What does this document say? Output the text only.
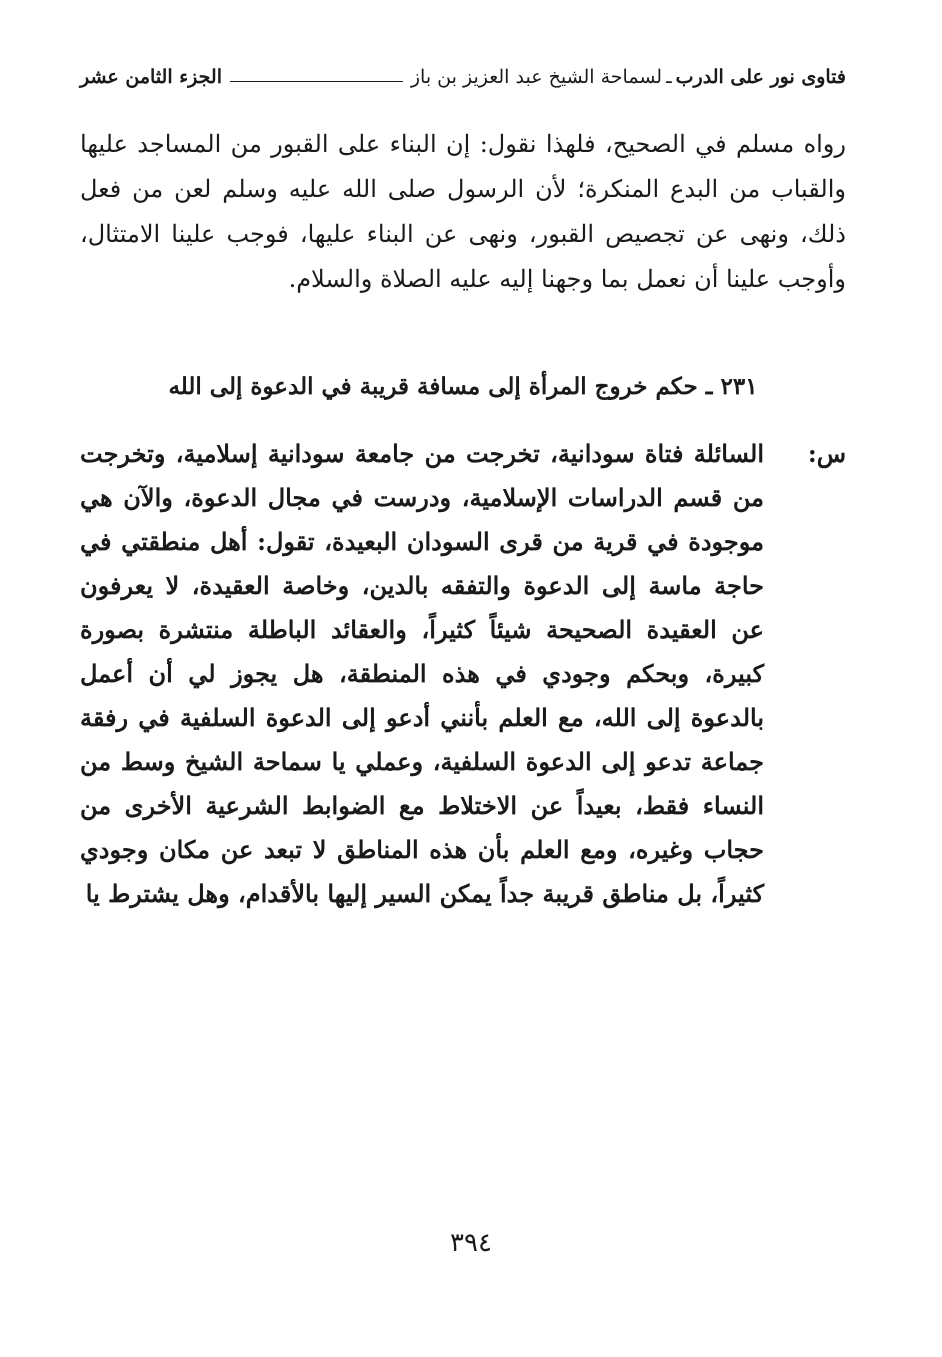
فتاوى نور على الدرب
ـ
لسماحة الشيخ عبد العزيز بن باز
الجزء الثامن عشر

رواه مسلم في الصحيح، فلهذا نقول: إن البناء على القبور من المساجد عليها والقباب من البدع المنكرة؛ لأن الرسول صلى الله عليه وسلم لعن من فعل ذلك، ونهى عن تجصيص القبور، ونهى عن البناء عليها، فوجب علينا الامتثال، وأوجب علينا أن نعمل بما وجهنا إليه عليه الصلاة والسلام.

٢٣١ ـ حكم خروج المرأة إلى مسافة قريبة في الدعوة إلى الله
س:

السائلة فتاة سودانية، تخرجت من جامعة سودانية إسلامية، وتخرجت من قسم الدراسات الإسلامية، ودرست في مجال الدعوة، والآن هي موجودة في قرية من قرى السودان البعيدة، تقول: أهل منطقتي في حاجة ماسة إلى الدعوة والتفقه بالدين، وخاصة العقيدة، لا يعرفون عن العقيدة الصحيحة شيئاً كثيراً، والعقائد الباطلة منتشرة بصورة كبيرة، وبحكم وجودي في هذه المنطقة، هل يجوز لي أن أعمل بالدعوة إلى الله، مع العلم بأنني أدعو إلى الدعوة السلفية في رفقة جماعة تدعو إلى الدعوة السلفية، وعملي يا سماحة الشيخ وسط من النساء فقط، بعيداً عن الاختلاط مع الضوابط الشرعية الأخرى من حجاب وغيره، ومع العلم بأن هذه المناطق لا تبعد عن مكان وجودي كثيراً، بل مناطق قريبة جداً يمكن السير إليها بالأقدام، وهل يشترط يا

٣٩٤
